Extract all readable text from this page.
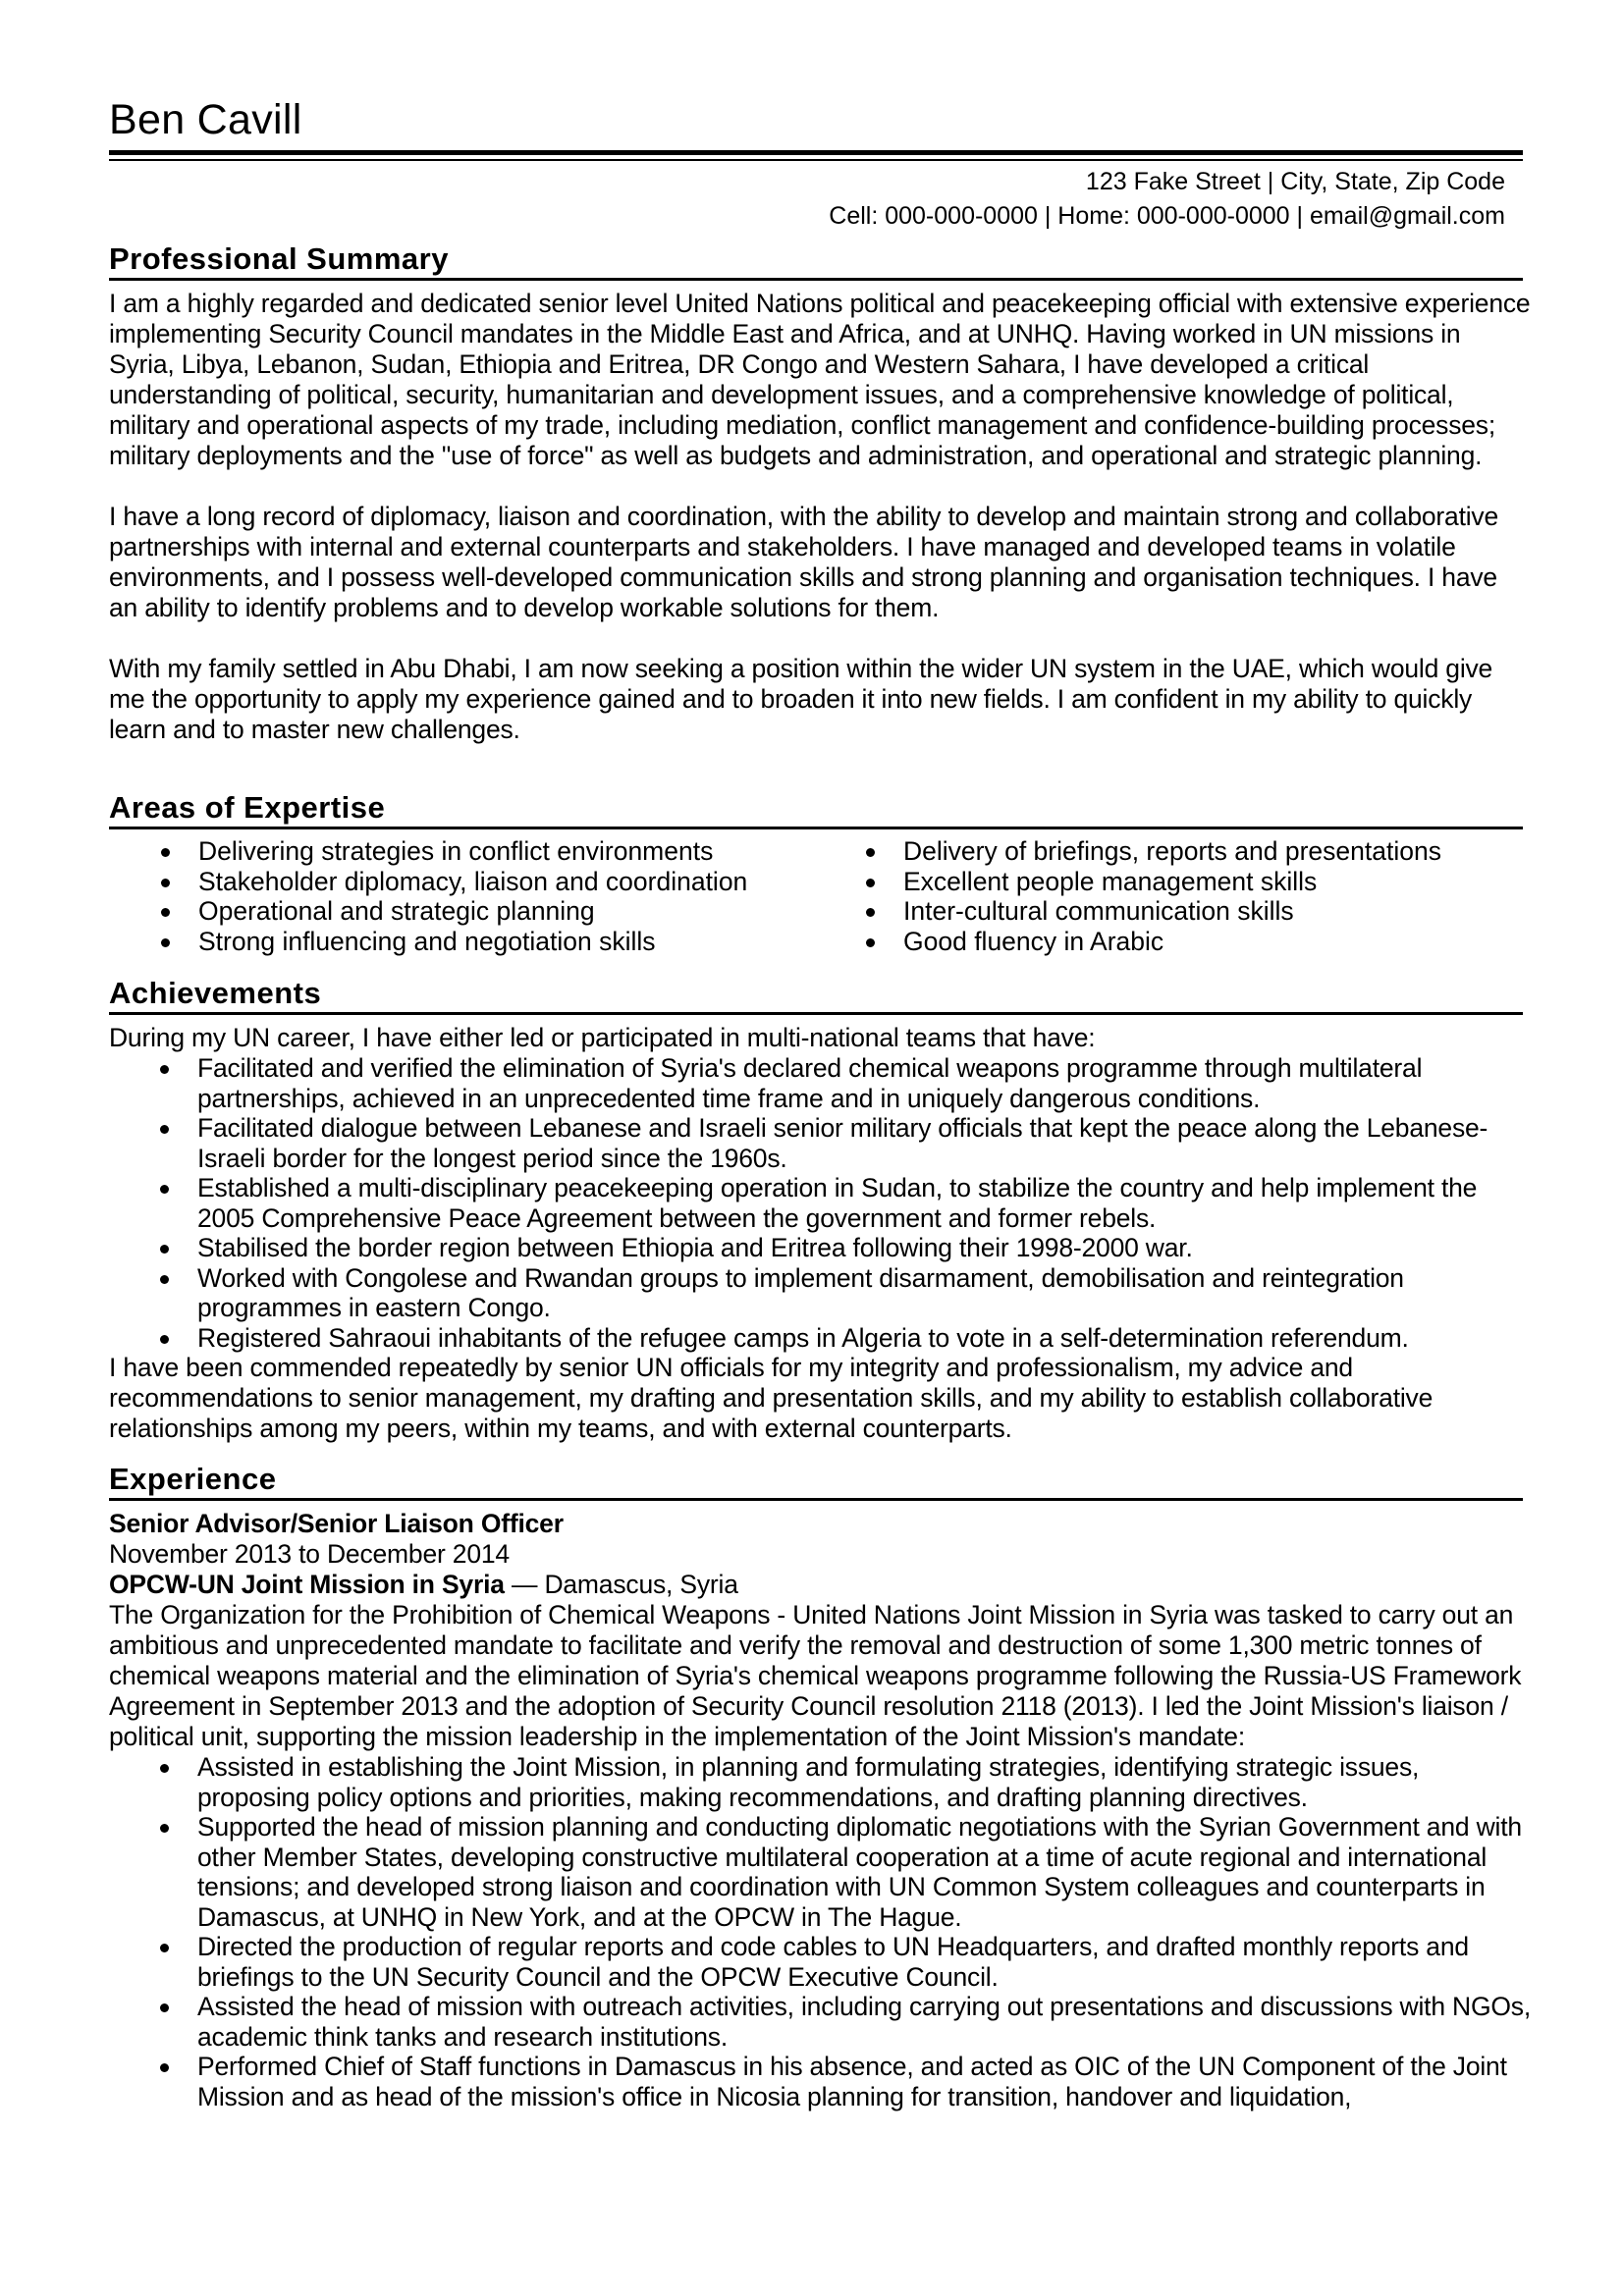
Ben Cavill
123 Fake Street | City, State, Zip Code
Cell: 000-000-0000 | Home: 000-000-0000 | email@gmail.com
Professional Summary

I am a highly regarded and dedicated senior level United Nations political and peacekeeping official with extensive experience implementing Security Council mandates in the Middle East and Africa, and at UNHQ. Having worked in UN missions in Syria, Libya, Lebanon, Sudan, Ethiopia and Eritrea, DR Congo and Western Sahara, I have developed a critical understanding of political, security, humanitarian and development issues, and a comprehensive knowledge of political, military and operational aspects of my trade, including mediation, conflict management and confidence-building processes; military deployments and the "use of force" as well as budgets and administration, and operational and strategic planning.

I have a long record of diplomacy, liaison and coordination, with the ability to develop and maintain strong and collaborative partnerships with internal and external counterparts and stakeholders. I have managed and developed teams in volatile environments, and I possess well-developed communication skills and strong planning and organisation techniques. I have an ability to identify problems and to develop workable solutions for them.

With my family settled in Abu Dhabi, I am now seeking a position within the wider UN system in the UAE, which would give me the opportunity to apply my experience gained and to broaden it into new fields. I am confident in my ability to quickly learn and to master new challenges.

Areas of Expertise
Delivering strategies in conflict environments
Stakeholder diplomacy, liaison and coordination
Operational and strategic planning
Strong influencing and negotiation skills
Delivery of briefings, reports and presentations
Excellent people management skills
Inter-cultural communication skills
Good fluency in Arabic
Achievements

During my UN career, I have either led or participated in multi-national teams that have:

Facilitated and verified the elimination of Syria's declared chemical weapons programme through multilateral partnerships, achieved in an unprecedented time frame and in uniquely dangerous conditions.
Facilitated dialogue between Lebanese and Israeli senior military officials that kept the peace along the Lebanese-Israeli border for the longest period since the 1960s.
Established a multi-disciplinary peacekeeping operation in Sudan, to stabilize the country and help implement the 2005 Comprehensive Peace Agreement between the government and former rebels.
Stabilised the border region between Ethiopia and Eritrea following their 1998-2000 war.
Worked with Congolese and Rwandan groups to implement disarmament, demobilisation and reintegration programmes in eastern Congo.
Registered Sahraoui inhabitants of the refugee camps in Algeria to vote in a self-determination referendum.

I have been commended repeatedly by senior UN officials for my integrity and professionalism, my advice and recommendations to senior management, my drafting and presentation skills, and my ability to establish collaborative relationships among my peers, within my teams, and with external counterparts.

Experience

Senior Advisor/Senior Liaison Officer

November 2013 to December 2014

OPCW-UN Joint Mission in Syria — Damascus, Syria

The Organization for the Prohibition of Chemical Weapons - United Nations Joint Mission in Syria was tasked to carry out an ambitious and unprecedented mandate to facilitate and verify the removal and destruction of some 1,300 metric tonnes of chemical weapons material and the elimination of Syria's chemical weapons programme following the Russia-US Framework Agreement in September 2013 and the adoption of Security Council resolution 2118 (2013). I led the Joint Mission's liaison / political unit, supporting the mission leadership in the implementation of the Joint Mission's mandate:

Assisted in establishing the Joint Mission, in planning and formulating strategies, identifying strategic issues, proposing policy options and priorities, making recommendations, and drafting planning directives.
Supported the head of mission planning and conducting diplomatic negotiations with the Syrian Government and with other Member States, developing constructive multilateral cooperation at a time of acute regional and international tensions; and developed strong liaison and coordination with UN Common System colleagues and counterparts in Damascus, at UNHQ in New York, and at the OPCW in The Hague.
Directed the production of regular reports and code cables to UN Headquarters, and drafted monthly reports and briefings to the UN Security Council and the OPCW Executive Council.
Assisted the head of mission with outreach activities, including carrying out presentations and discussions with NGOs, academic think tanks and research institutions.
Performed Chief of Staff functions in Damascus in his absence, and acted as OIC of the UN Component of the Joint Mission and as head of the mission's office in Nicosia planning for transition, handover and liquidation,
